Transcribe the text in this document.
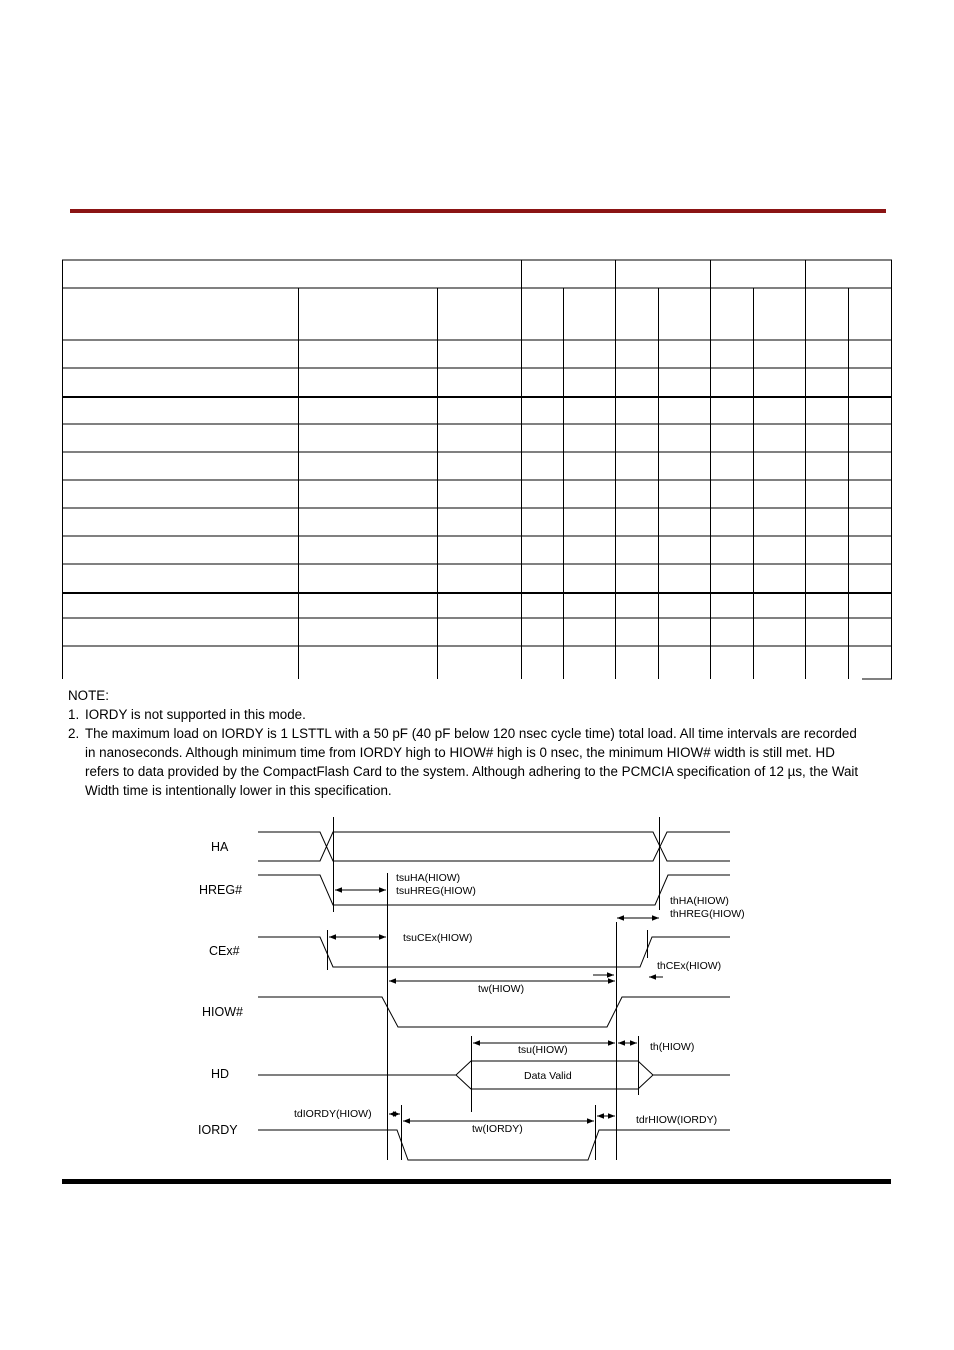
NOTE:
1. IORDY is not supported in this mode.
2. The maximum load on IORDY is 1 LSTTL with a 50 pF (40 pF below 120 nsec cycle time) total load. All time intervals are recorded in nanoseconds. Although minimum time from IORDY high to HIOW# high is 0 nsec, the minimum HIOW# width is still met. HD refers to data provided by the CompactFlash Card to the system. Although adhering to the PCMCIA specification of 12 µs, the Wait Width time is intentionally lower in this specification.
HA
HREG#
CEx#
HIOW#
HD
IORDY
tsuHA(HIOW)
tsuHREG(HIOW)
thHA(HIOW)
thHREG(HIOW)
tsuCEx(HIOW)
thCEx(HIOW)
tw(HIOW)
tsu(HIOW)	th(HIOW)
Data Valid
tdIORDY(HIOW)
tw(IORDY)
tdrHIOW(IORDY)
